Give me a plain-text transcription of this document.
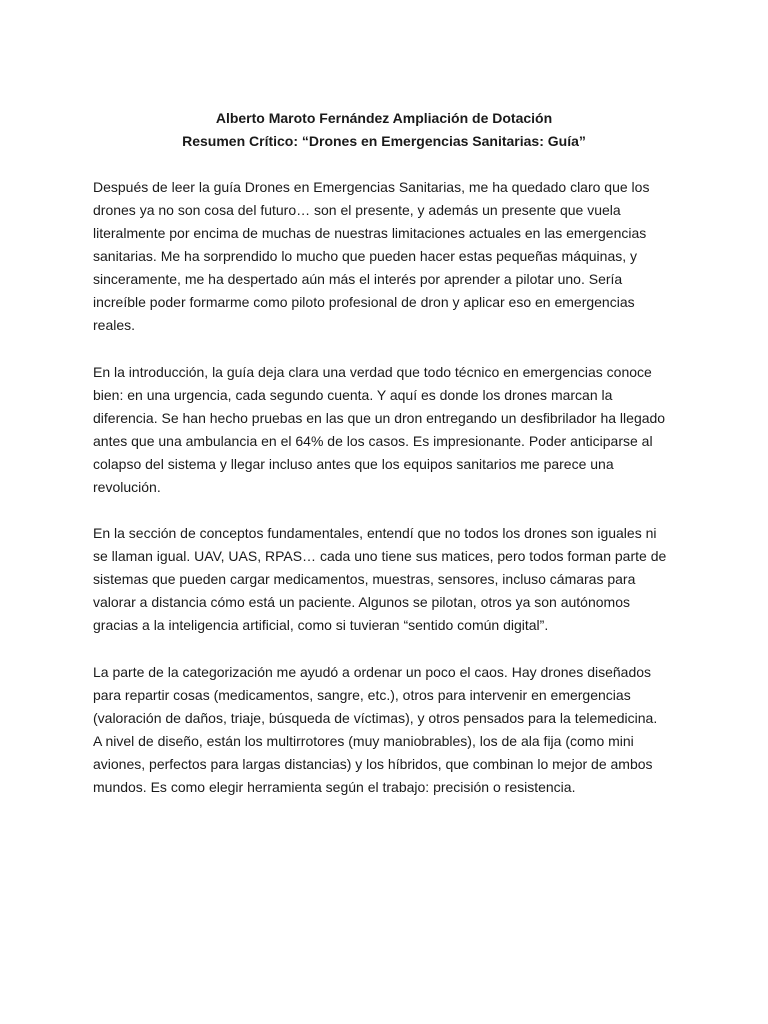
Alberto Maroto Fernández Ampliación de Dotación
Resumen Crítico: “Drones en Emergencias Sanitarias: Guía”

Después de leer la guía Drones en Emergencias Sanitarias, me ha quedado claro que los
drones ya no son cosa del futuro… son el presente, y además un presente que vuela
literalmente por encima de muchas de nuestras limitaciones actuales en las emergencias
sanitarias. Me ha sorprendido lo mucho que pueden hacer estas pequeñas máquinas, y
sinceramente, me ha despertado aún más el interés por aprender a pilotar uno. Sería
increíble poder formarme como piloto profesional de dron y aplicar eso en emergencias
reales.

En la introducción, la guía deja clara una verdad que todo técnico en emergencias conoce
bien: en una urgencia, cada segundo cuenta. Y aquí es donde los drones marcan la
diferencia. Se han hecho pruebas en las que un dron entregando un desfibrilador ha llegado
antes que una ambulancia en el 64% de los casos. Es impresionante. Poder anticiparse al
colapso del sistema y llegar incluso antes que los equipos sanitarios me parece una
revolución.

En la sección de conceptos fundamentales, entendí que no todos los drones son iguales ni
se llaman igual. UAV, UAS, RPAS… cada uno tiene sus matices, pero todos forman parte de
sistemas que pueden cargar medicamentos, muestras, sensores, incluso cámaras para
valorar a distancia cómo está un paciente. Algunos se pilotan, otros ya son autónomos
gracias a la inteligencia artificial, como si tuvieran “sentido común digital”.

La parte de la categorización me ayudó a ordenar un poco el caos. Hay drones diseñados
para repartir cosas (medicamentos, sangre, etc.), otros para intervenir en emergencias
(valoración de daños, triaje, búsqueda de víctimas), y otros pensados para la telemedicina.
A nivel de diseño, están los multirrotores (muy maniobrables), los de ala fija (como mini
aviones, perfectos para largas distancias) y los híbridos, que combinan lo mejor de ambos
mundos. Es como elegir herramienta según el trabajo: precisión o resistencia.
